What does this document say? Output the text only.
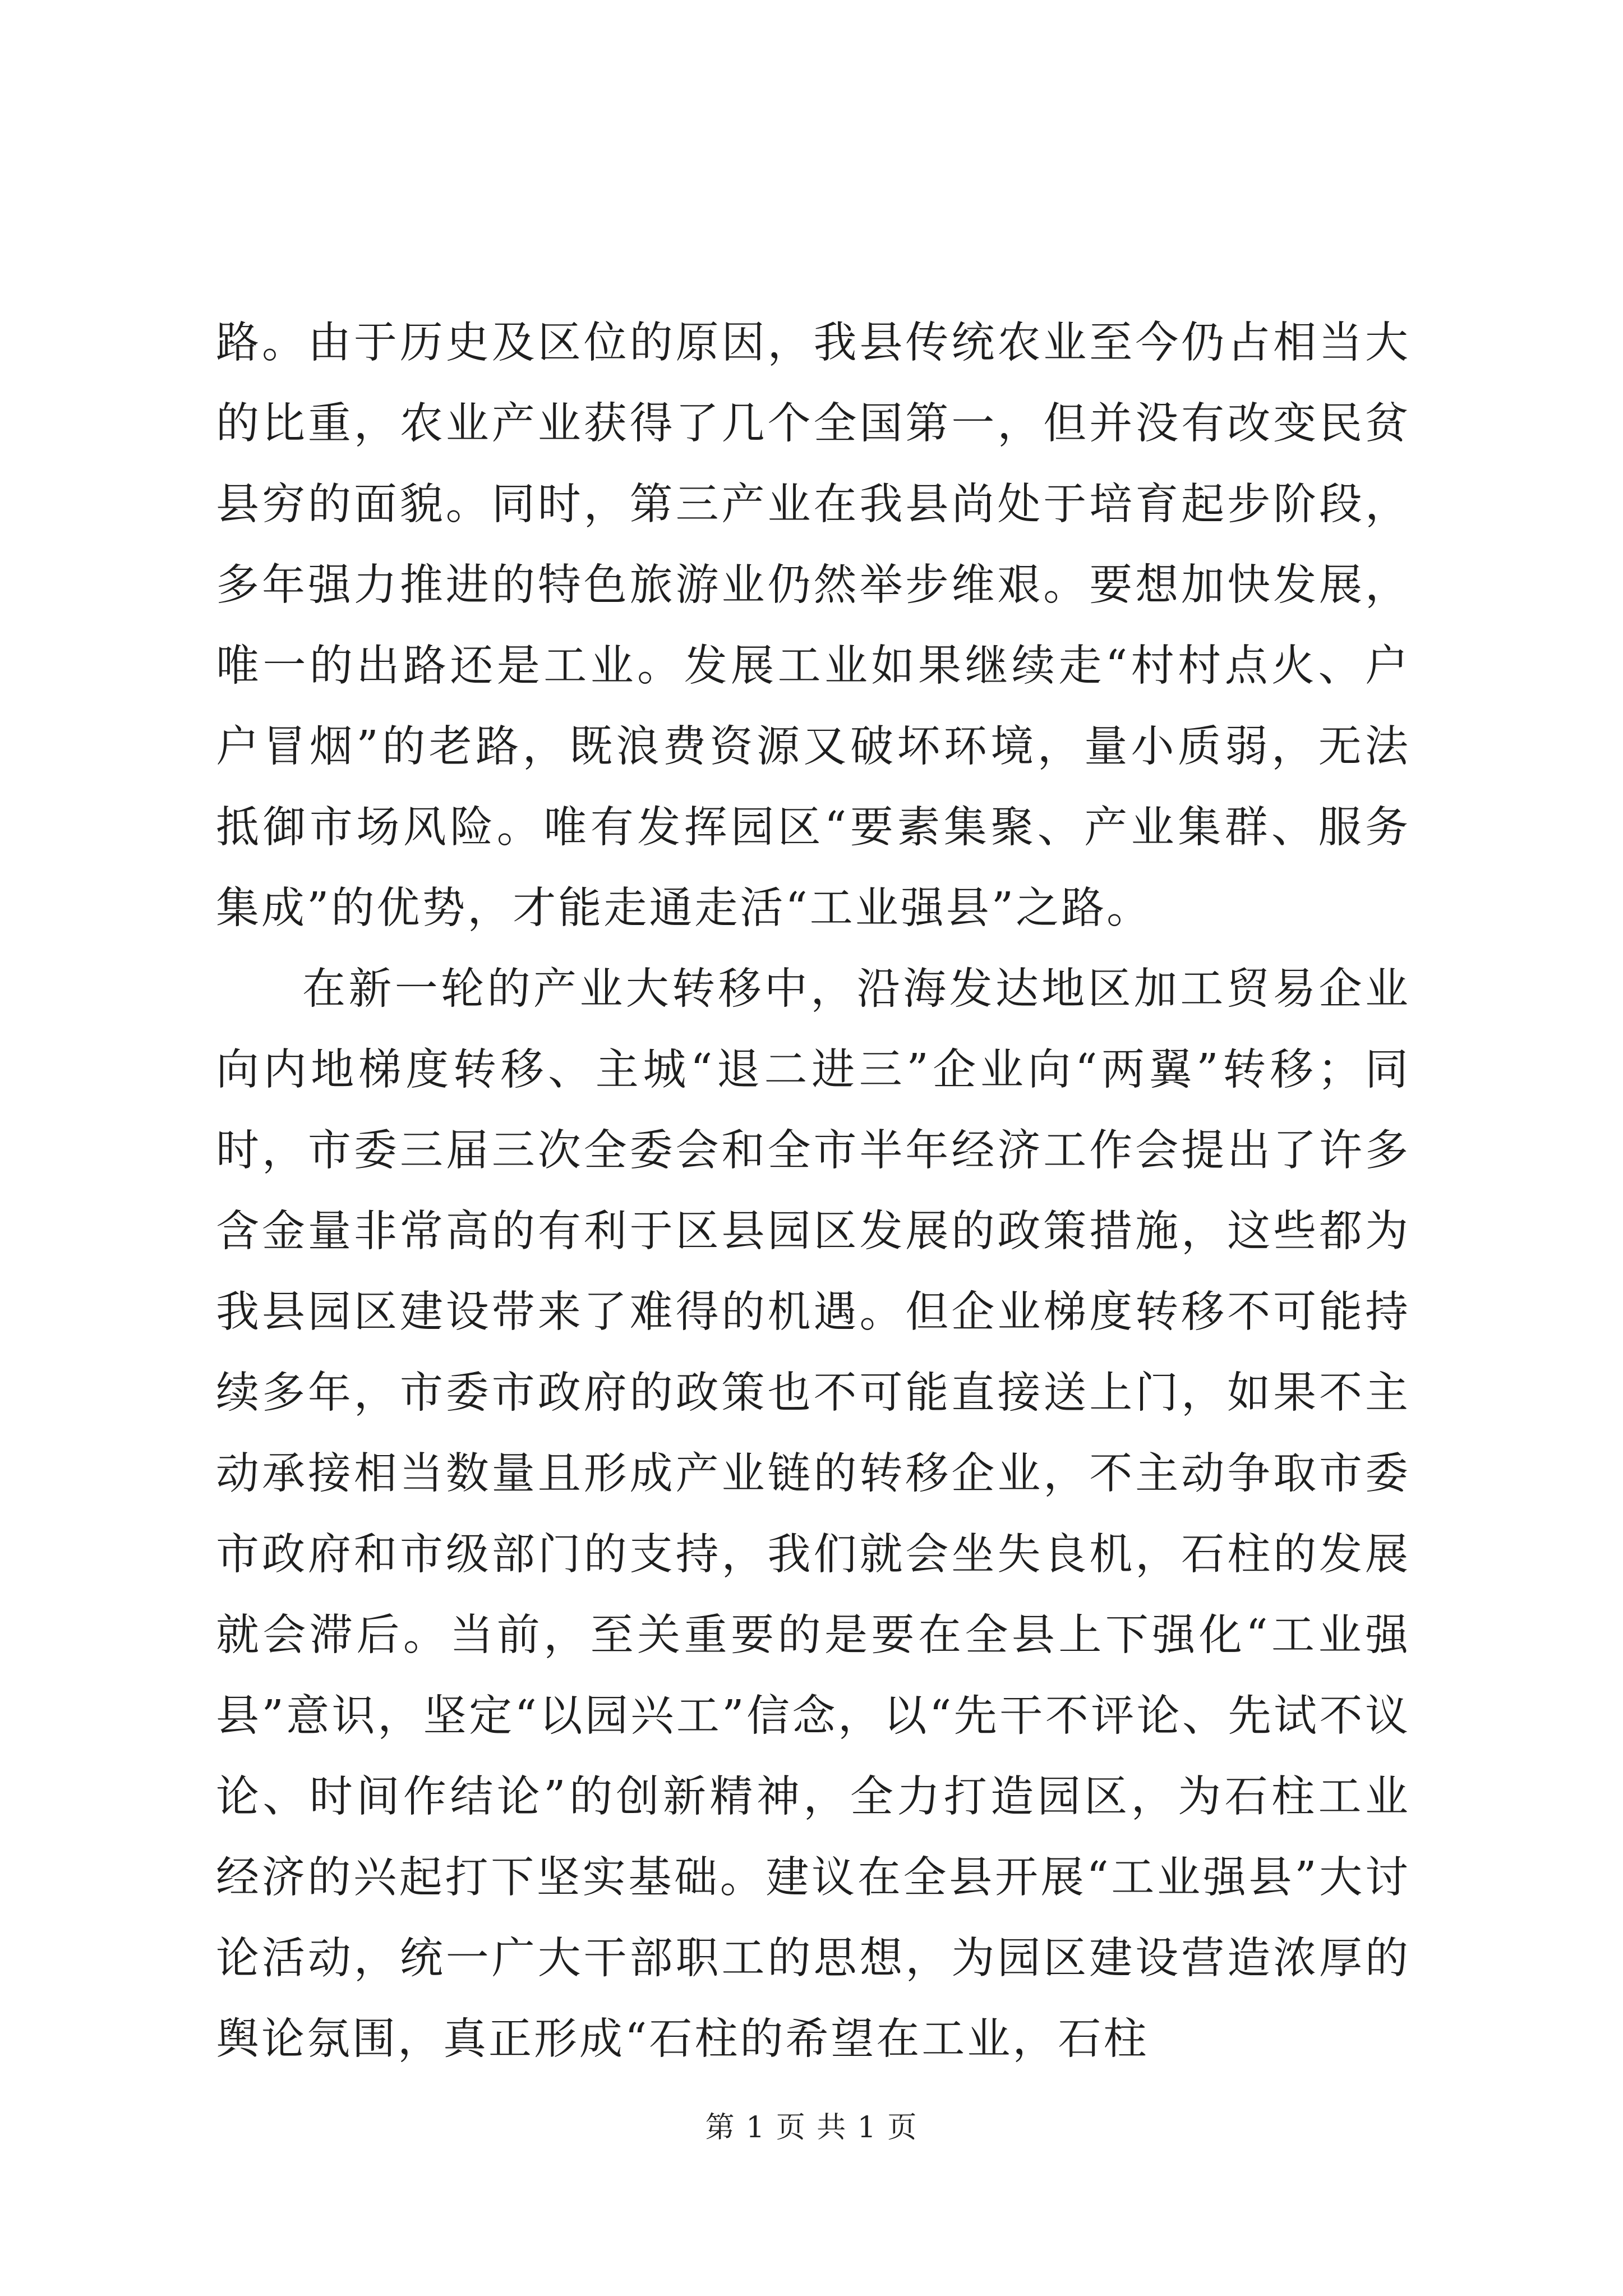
路。由于历史及区位的原因，我县传统农业至今仍占相当大的比重，农业产业获得了几个全国第一，但并没有改变民贫县穷的面貌。同时，第三产业在我县尚处于培育起步阶段，多年强力推进的特色旅游业仍然举步维艰。要想加快发展，唯一的出路还是工业。发展工业如果继续走“村村点火、户户冒烟”的老路，既浪费资源又破坏环境，量小质弱，无法抵御市场风险。唯有发挥园区“要素集聚、产业集群、服务集成”的优势，才能走通走活“工业强县”之路。

在新一轮的产业大转移中，沿海发达地区加工贸易企业向内地梯度转移、主城“退二进三”企业向“两翼”转移；同时，市委三届三次全委会和全市半年经济工作会提出了许多含金量非常高的有利于区县园区发展的政策措施，这些都为我县园区建设带来了难得的机遇。但企业梯度转移不可能持续多年，市委市政府的政策也不可能直接送上门，如果不主动承接相当数量且形成产业链的转移企业，不主动争取市委市政府和市级部门的支持，我们就会坐失良机，石柱的发展就会滞后。当前，至关重要的是要在全县上下强化“工业强县”意识，坚定“以园兴工”信念，以“先干不评论、先试不议论、时间作结论”的创新精神，全力打造园区，为石柱工业经济的兴起打下坚实基础。建议在全县开展“工业强县”大讨论活动，统一广大干部职工的思想，为园区建设营造浓厚的舆论氛围，真正形成“石柱的希望在工业，石柱

第 1 页 共 1 页
